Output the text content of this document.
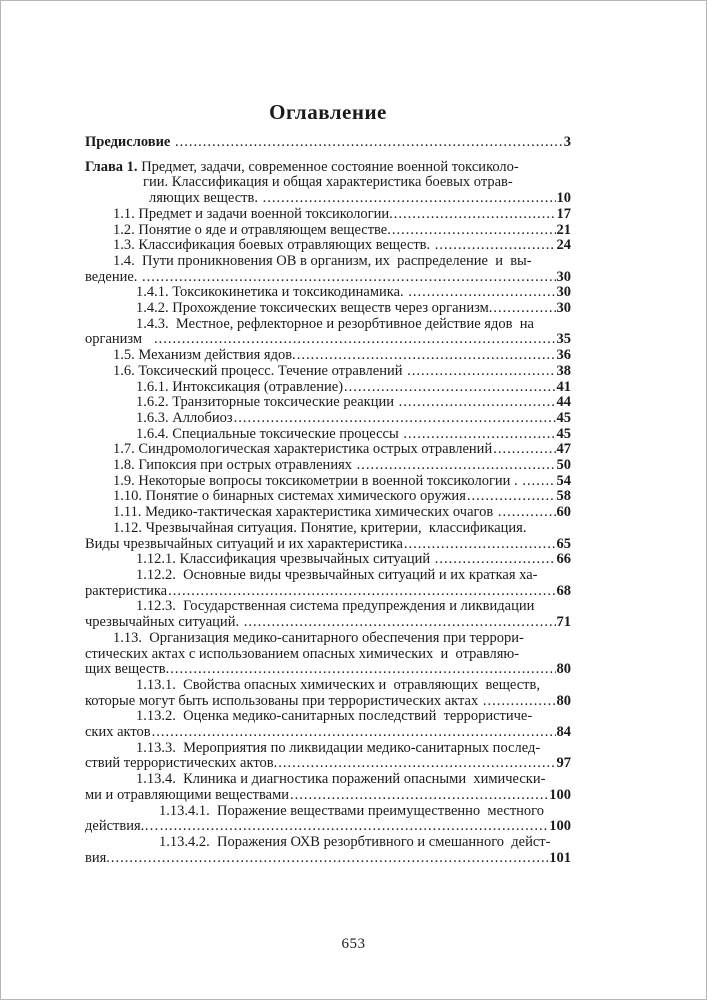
Оглавление
Предисловие .....	3
Глава 1. Предмет, задачи, современное состояние военной токсиколо-
гии. Классификация и общая характеристика боевых отрав-
ляющих веществ. .....	10
1.1. Предмет и задачи военной токсикологии. .....	17
1.2. Понятие о яде и отравляющем веществе. .....	21
1.3. Классификация боевых отравляющих веществ. .....	24
1.4.  Пути проникновения ОВ в организм, их  распределение  и  вы-
ведение. .....	30
1.4.1. Токсикокинетика и токсикодинамика. .....	30
1.4.2. Прохождение токсических веществ через организм. .....	30
1.4.3.  Местное, рефлекторное и резорбтивное действие ядов  на
организм .....	35
1.5. Механизм действия ядов. .....	36
1.6. Токсический процесс. Течение отравлений .....	38
1.6.1. Интоксикация (отравление) .....	41
1.6.2. Транзиторные токсические реакции .....	44
1.6.3. Аллобиоз .....	45
1.6.4. Специальные токсические процессы .....	45
1.7. Синдромологическая характеристика острых отравлений .....	47
1.8. Гипоксия при острых отравлениях .....	50
1.9. Некоторые вопросы токсикометрии в военной токсикологии . ..... 54
1.10. Понятие о бинарных системах химического оружия .....	58
1.11. Медико-тактическая характеристика химических очагов .....	60
1.12. Чрезвычайная ситуация. Понятие, критерии,  классификация.
Виды чрезвычайных ситуаций и их характеристика .....	65
1.12.1. Классификация чрезвычайных ситуаций .....	66
1.12.2.  Основные виды чрезвычайных ситуаций и их краткая ха-
рактеристика .....	68
1.12.3.  Государственная система предупреждения и ликвидации
чрезвычайных ситуаций. .....	71
1.13.  Организация медико-санитарного обеспечения при террори-
стических актах с использованием опасных химических  и  отравляю-
щих веществ. .....	80
1.13.1.  Свойства опасных химических и  отравляющих  веществ,
которые могут быть использованы при террористических актах .....	80
1.13.2.  Оценка медико-санитарных последствий  террористиче-
ских актов .....	84
1.13.3.  Мероприятия по ликвидации медико-санитарных послед-
ствий террористических актов. .....	97
1.13.4.  Клиника и диагностика поражений опасными  химически-
ми и отравляющими веществами .....	100
1.13.4.1.  Поражение веществами преимущественно  местного
действия.… .....	100
1.13.4.2.  Поражения ОХВ резорбтивного и смешанного  дейст-
вия. .....	101
653
